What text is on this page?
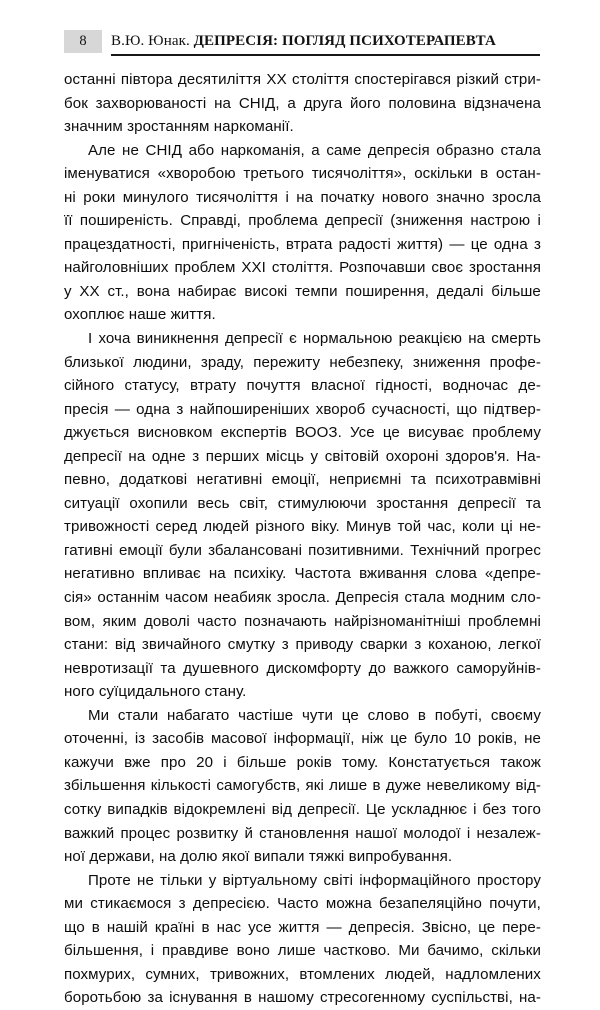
8 В.Ю. Юнак. ДЕПРЕСІЯ: ПОГЛЯД ПСИХОТЕРАПЕВТА

останні півтора десятиліття XX століття спостерігався різкий стри-
бок захворюваності на СНІД, а друга його половина відзначена
значним зростанням наркоманії.

Але не СНІД або наркоманія, а саме депресія образно стала
іменуватися «хворобою третього тисячоліття», оскільки в остан-
ні роки минулого тисячоліття і на початку нового значно зросла
її поширеність. Справді, проблема депресії (зниження настрою і
працездатності, пригніченість, втрата радості життя) — це одна з
найголовніших проблем XXI століття. Розпочавши своє зростання
у XX ст., вона набирає високі темпи поширення, дедалі більше
охоплює наше життя.

І хоча виникнення депресії є нормальною реакцією на смерть
близької людини, зраду, пережиту небезпеку, зниження профе-
сійного статусу, втрату почуття власної гідності, водночас де-
пресія — одна з найпоширеніших хвороб сучасності, що підтвер-
джується висновком експертів ВООЗ. Усе це висуває проблему
депресії на одне з перших місць у світовій охороні здоров'я. На-
певно, додаткові негативні емоції, неприємні та психотравмівні
ситуації охопили весь світ, стимулюючи зростання депресії та
тривожності серед людей різного віку. Минув той час, коли ці не-
гативні емоції були збалансовані позитивними. Технічний прогрес
негативно впливає на психіку. Частота вживання слова «депре-
сія» останнім часом неабияк зросла. Депресія стала модним сло-
вом, яким доволі часто позначають найрізноманітніші проблемні
стани: від звичайного смутку з приводу сварки з коханою, легкої
невротизації та душевного дискомфорту до важкого саморуйнів-
ного суїцидального стану.

Ми стали набагато частіше чути це слово в побуті, своєму
оточенні, із засобів масової інформації, ніж це було 10 років, не
кажучи вже про 20 і більше років тому. Констатується також
збільшення кількості самогубств, які лише в дуже невеликому від-
сотку випадків відокремлені від депресії. Це ускладнює і без того
важкий процес розвитку й становлення нашої молодої і незалеж-
ної держави, на долю якої випали тяжкі випробування.

Проте не тільки у віртуальному світі інформаційного простору
ми стикаємося з депресією. Часто можна безапеляційно почути,
що в нашій країні в нас усе життя — депресія. Звісно, це пере-
більшення, і правдиве воно лише частково. Ми бачимо, скільки
похмурих, сумних, тривожних, втомлених людей, надломлених
боротьбою за існування в нашому стресогенному суспільстві, на-
